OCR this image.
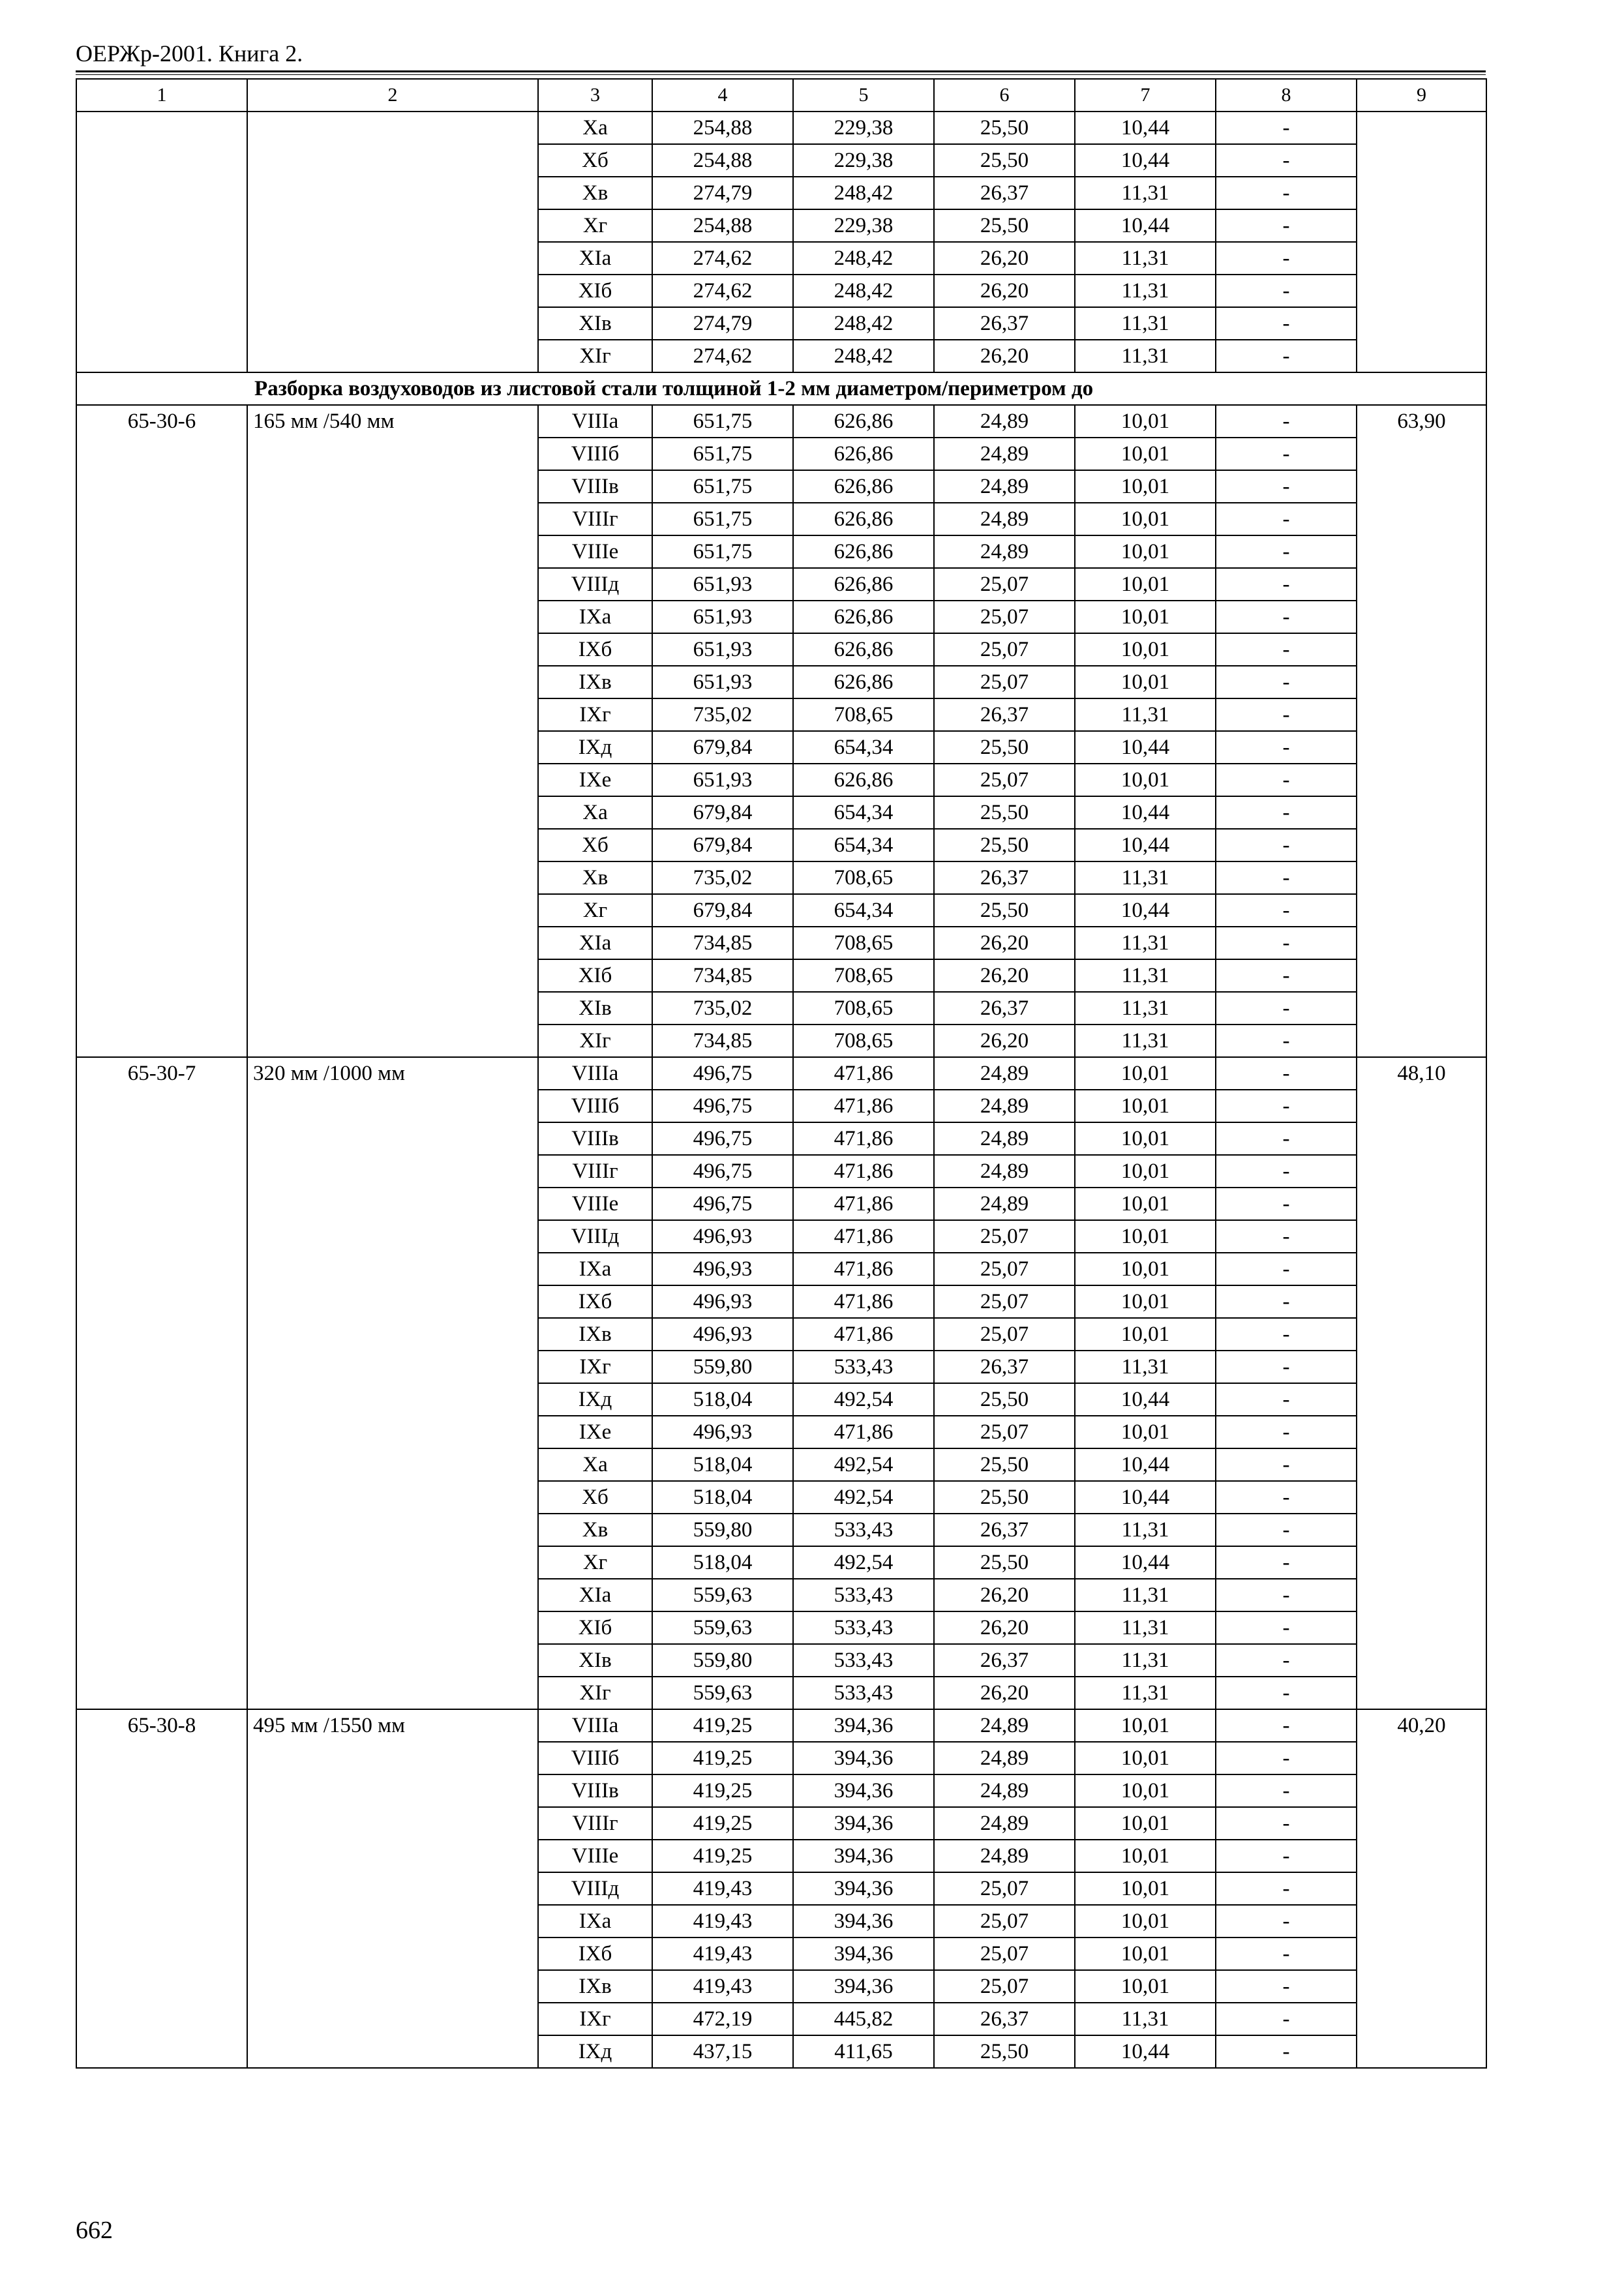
ОЕРЖр-2001. Книга 2.
1	2	3	4	5	6	7	8	9
		Xa	254,88	229,38	25,50	10,44	-	
		Xб	254,88	229,38	25,50	10,44	-	
		Xв	274,79	248,42	26,37	11,31	-	
		Xг	254,88	229,38	25,50	10,44	-	
		XIa	274,62	248,42	26,20	11,31	-	
		XIб	274,62	248,42	26,20	11,31	-	
		XIв	274,79	248,42	26,37	11,31	-	
		XIг	274,62	248,42	26,20	11,31	-	
Разборка воздуховодов из листовой стали толщиной 1-2 мм диаметром/периметром до								
65-30-6	165 мм /540 мм	VIIIa	651,75	626,86	24,89	10,01	-	63,90
		VIIIб	651,75	626,86	24,89	10,01	-	
		VIIIв	651,75	626,86	24,89	10,01	-	
		VIIIг	651,75	626,86	24,89	10,01	-	
		VIIIe	651,75	626,86	24,89	10,01	-	
		VIIIд	651,93	626,86	25,07	10,01	-	
		IXa	651,93	626,86	25,07	10,01	-	
		IXб	651,93	626,86	25,07	10,01	-	
		IXв	651,93	626,86	25,07	10,01	-	
		IXг	735,02	708,65	26,37	11,31	-	
		IXд	679,84	654,34	25,50	10,44	-	
		IXe	651,93	626,86	25,07	10,01	-	
		Xa	679,84	654,34	25,50	10,44	-	
		Xб	679,84	654,34	25,50	10,44	-	
		Xв	735,02	708,65	26,37	11,31	-	
		Xг	679,84	654,34	25,50	10,44	-	
		XIa	734,85	708,65	26,20	11,31	-	
		XIб	734,85	708,65	26,20	11,31	-	
		XIв	735,02	708,65	26,37	11,31	-	
		XIг	734,85	708,65	26,20	11,31	-	
65-30-7	320 мм /1000 мм	VIIIa	496,75	471,86	24,89	10,01	-	48,10
		VIIIб	496,75	471,86	24,89	10,01	-	
		VIIIв	496,75	471,86	24,89	10,01	-	
		VIIIг	496,75	471,86	24,89	10,01	-	
		VIIIe	496,75	471,86	24,89	10,01	-	
		VIIIд	496,93	471,86	25,07	10,01	-	
		IXa	496,93	471,86	25,07	10,01	-	
		IXб	496,93	471,86	25,07	10,01	-	
		IXв	496,93	471,86	25,07	10,01	-	
		IXг	559,80	533,43	26,37	11,31	-	
		IXд	518,04	492,54	25,50	10,44	-	
		IXe	496,93	471,86	25,07	10,01	-	
		Xa	518,04	492,54	25,50	10,44	-	
		Xб	518,04	492,54	25,50	10,44	-	
		Xв	559,80	533,43	26,37	11,31	-	
		Xг	518,04	492,54	25,50	10,44	-	
		XIa	559,63	533,43	26,20	11,31	-	
		XIб	559,63	533,43	26,20	11,31	-	
		XIв	559,80	533,43	26,37	11,31	-	
		XIг	559,63	533,43	26,20	11,31	-	
65-30-8	495 мм /1550 мм	VIIIa	419,25	394,36	24,89	10,01	-	40,20
		VIIIб	419,25	394,36	24,89	10,01	-	
		VIIIв	419,25	394,36	24,89	10,01	-	
		VIIIг	419,25	394,36	24,89	10,01	-	
		VIIIe	419,25	394,36	24,89	10,01	-	
		VIIIд	419,43	394,36	25,07	10,01	-	
		IXa	419,43	394,36	25,07	10,01	-	
		IXб	419,43	394,36	25,07	10,01	-	
		IXв	419,43	394,36	25,07	10,01	-	
		IXг	472,19	445,82	26,37	11,31	-	
		IXд	437,15	411,65	25,50	10,44	-	
662
